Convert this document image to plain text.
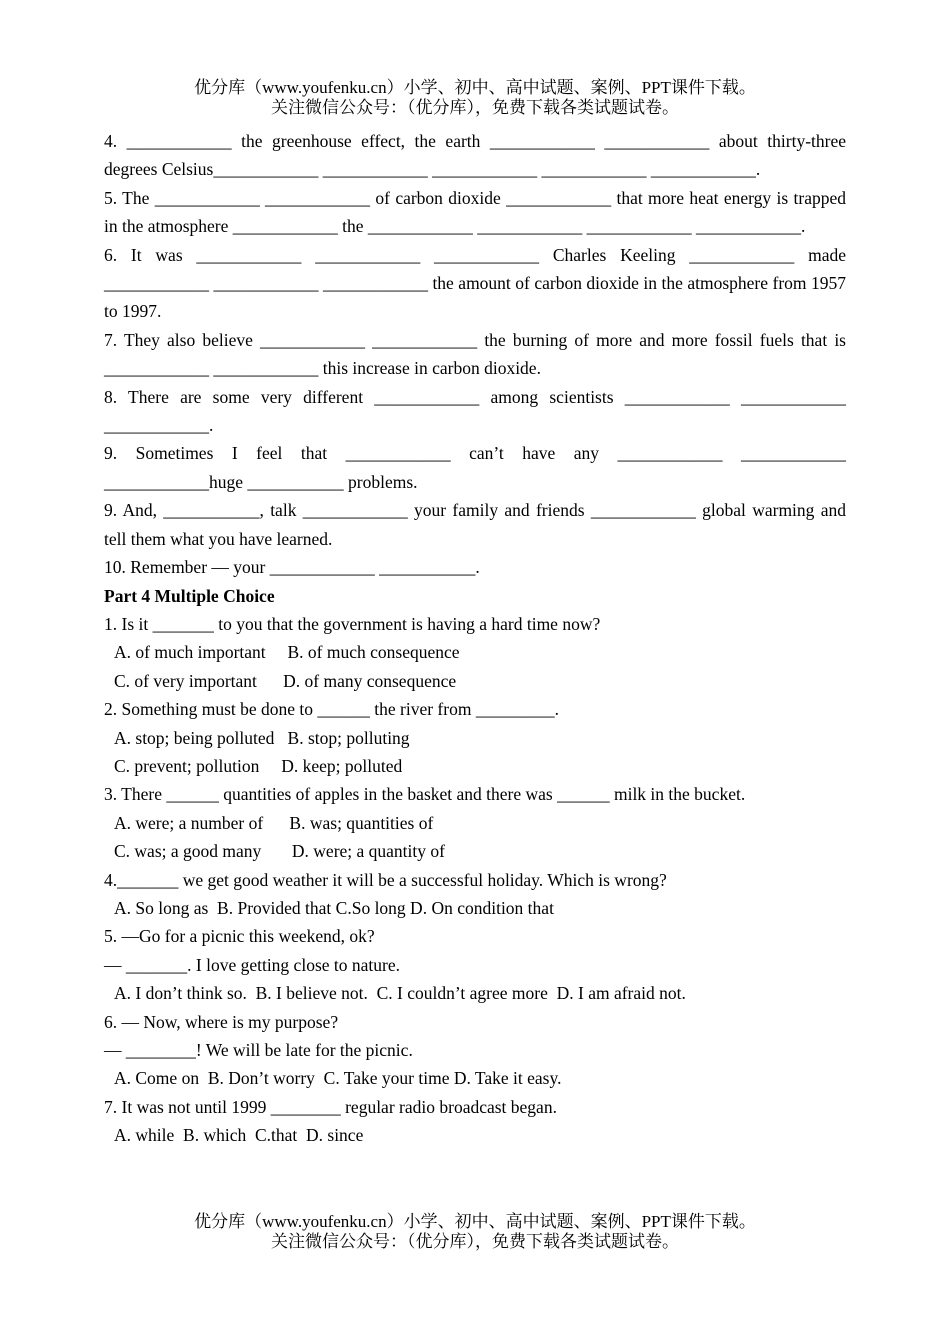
优分库（www.youfenku.cn）小学、初中、高中试题、案例、PPT课件下载。
关注微信公众号：（优分库），免费下载各类试题试卷。

4. ____________ the greenhouse effect, the earth ____________ ____________ about thirty-three degrees Celsius____________ ____________ ____________ ____________ ____________.

5. The ____________ ____________ of carbon dioxide ____________ that more heat energy is trapped in the atmosphere ____________ the ____________ ____________ ____________ ____________.

6. It was ____________ ____________ ____________ Charles Keeling ____________ made ____________ ____________ ____________ the amount of carbon dioxide in the atmosphere from 1957 to 1997.

7. They also believe ____________ ____________ the burning of more and more fossil fuels that is ____________ ____________ this increase in carbon dioxide.

8. There are some very different ____________ among scientists ____________ ____________ ____________.

9. Sometimes I feel that ____________ can’t have any ____________ ____________ ____________huge ___________ problems.

9. And, ___________, talk ____________ your family and friends ____________ global warming and tell them what you have learned.

10. Remember — your ____________ ___________.

Part 4 Multiple Choice

1. Is it _______ to you that the government is having a hard time now?

A. of much important     B. of much consequence

C. of very important      D. of many consequence

2. Something must be done to ______ the river from _________.

A. stop; being polluted   B. stop; polluting

C. prevent; pollution     D. keep; polluted

3. There ______ quantities of apples in the basket and there was ______ milk in the bucket.

A. were; a number of      B. was; quantities of

C. was; a good many       D. were; a quantity of

4._______ we get good weather it will be a successful holiday. Which is wrong?

A. So long as  B. Provided that C.So long D. On condition that

5. —Go for a picnic this weekend, ok?

— _______. I love getting close to nature.

A. I don’t think so.  B. I believe not.  C. I couldn’t agree more  D. I am afraid not.

6. — Now, where is my purpose?

— ________! We will be late for the picnic.

A. Come on  B. Don’t worry  C. Take your time D. Take it easy.

7. It was not until 1999 ________ regular radio broadcast began.

A. while  B. which  C.that  D. since

优分库（www.youfenku.cn）小学、初中、高中试题、案例、PPT课件下载。
关注微信公众号：（优分库），免费下载各类试题试卷。
